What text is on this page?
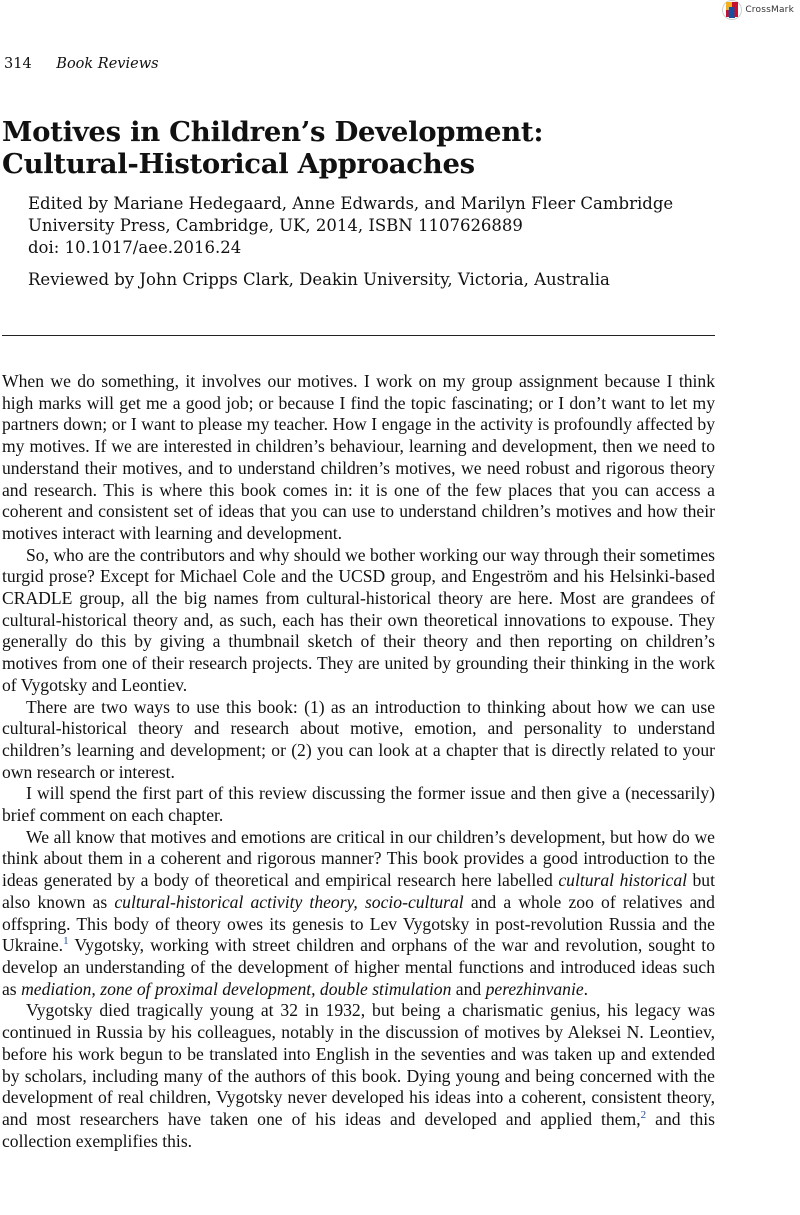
CrossMark
314 Book Reviews
Motives in Children’s Development:
Cultural-Historical Approaches

Edited by Mariane Hedegaard, Anne Edwards, and Marilyn Fleer Cambridge
University Press, Cambridge, UK, 2014, ISBN 1107626889
doi: 10.1017/aee.2016.24

Reviewed by John Cripps Clark, Deakin University, Victoria, Australia

When we do something, it involves our motives. I work on my group assignment because I think high marks will get me a good job; or because I find the topic fascinating; or I don’t want to let my partners down; or I want to please my teacher. How I engage in the activity is profoundly affected by my motives. If we are interested in children’s behaviour, learning and development, then we need to understand their motives, and to understand children’s motives, we need robust and rigorous theory and research. This is where this book comes in: it is one of the few places that you can access a coherent and consistent set of ideas that you can use to understand children’s motives and how their motives interact with learning and development.

So, who are the contributors and why should we bother working our way through their sometimes turgid prose? Except for Michael Cole and the UCSD group, and Engeström and his Helsinki-based CRADLE group, all the big names from cultural-historical theory are here. Most are grandees of cultural-historical theory and, as such, each has their own theoretical innovations to expouse. They generally do this by giving a thumbnail sketch of their theory and then reporting on children’s motives from one of their research projects. They are united by grounding their thinking in the work of Vygotsky and Leontiev.

There are two ways to use this book: (1) as an introduction to thinking about how we can use cultural-historical theory and research about motive, emotion, and personality to understand children’s learning and development; or (2) you can look at a chapter that is directly related to your own research or interest.

I will spend the first part of this review discussing the former issue and then give a (necessarily) brief comment on each chapter.

We all know that motives and emotions are critical in our children’s development, but how do we think about them in a coherent and rigorous manner? This book provides a good introduction to the ideas generated by a body of theoretical and empirical research here labelled cultural historical but also known as cultural-historical activity theory, socio-cultural and a whole zoo of relatives and offspring. This body of theory owes its genesis to Lev Vygotsky in post-revolution Russia and the Ukraine.$^1$ Vygotsky, working with street children and orphans of the war and revolution, sought to develop an understanding of the development of higher mental functions and introduced ideas such as mediation, zone of proximal development, double stimulation and perezhinvanie.

Vygotsky died tragically young at 32 in 1932, but being a charismatic genius, his legacy was continued in Russia by his colleagues, notably in the discussion of motives by Aleksei N. Leontiev, before his work begun to be translated into English in the seventies and was taken up and extended by scholars, including many of the authors of this book. Dying young and being concerned with the development of real children, Vygotsky never developed his ideas into a coherent, consistent theory, and most researchers have taken one of his ideas and developed and applied them,$^2$ and this collection exemplifies this.
